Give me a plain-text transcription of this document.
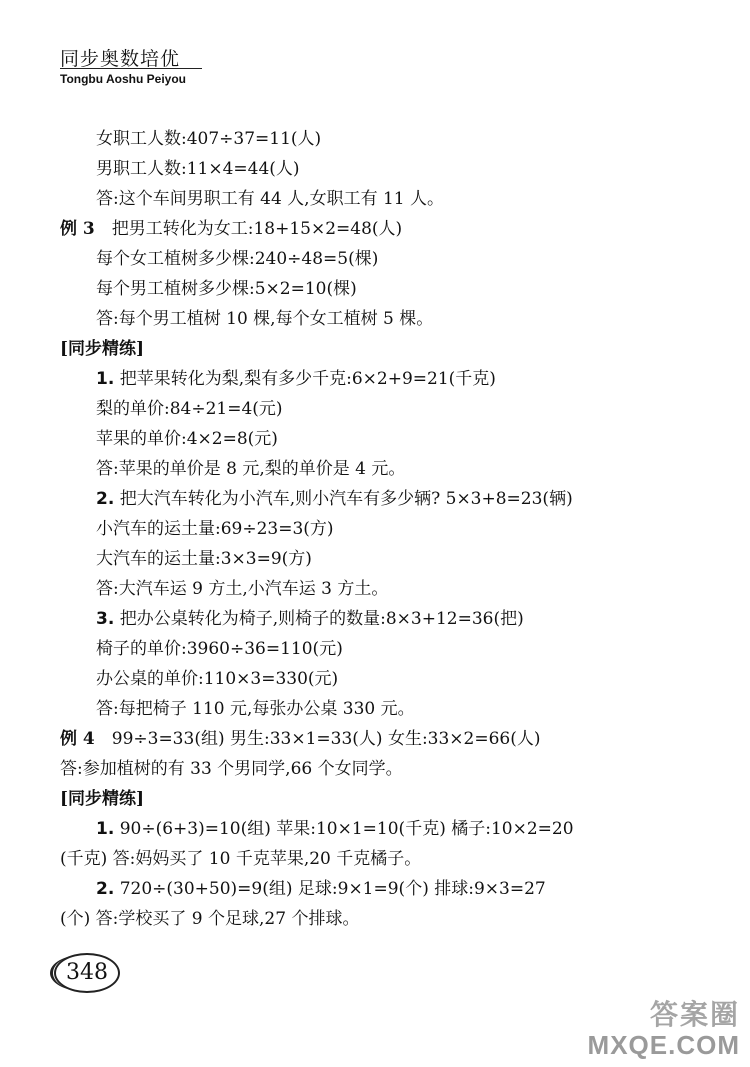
同步奥数培优
Tongbu Aoshu Peiyou
女职工人数:407÷37=11(人)
男职工人数:11×4=44(人)
答:这个车间男职工有 44 人,女职工有 11 人。
例 3  把男工转化为女工:18+15×2=48(人)
每个女工植树多少棵:240÷48=5(棵)
每个男工植树多少棵:5×2=10(棵)
答:每个男工植树 10 棵,每个女工植树 5 棵。
[同步精练]
1. 把苹果转化为梨,梨有多少千克:6×2+9=21(千克)
梨的单价:84÷21=4(元)
苹果的单价:4×2=8(元)
答:苹果的单价是 8 元,梨的单价是 4 元。
2. 把大汽车转化为小汽车,则小汽车有多少辆? 5×3+8=23(辆)
小汽车的运土量:69÷23=3(方)
大汽车的运土量:3×3=9(方)
答:大汽车运 9 方土,小汽车运 3 方土。
3. 把办公桌转化为椅子,则椅子的数量:8×3+12=36(把)
椅子的单价:3960÷36=110(元)
办公桌的单价:110×3=330(元)
答:每把椅子 110 元,每张办公桌 330 元。
例 4  99÷3=33(组) 男生:33×1=33(人) 女生:33×2=66(人)
答:参加植树的有 33 个男同学,66 个女同学。
[同步精练]
1. 90÷(6+3)=10(组) 苹果:10×1=10(千克) 橘子:10×2=20
(千克) 答:妈妈买了 10 千克苹果,20 千克橘子。
2. 720÷(30+50)=9(组) 足球:9×1=9(个) 排球:9×3=27
(个) 答:学校买了 9 个足球,27 个排球。
348
答案圈
MXQE.COM
